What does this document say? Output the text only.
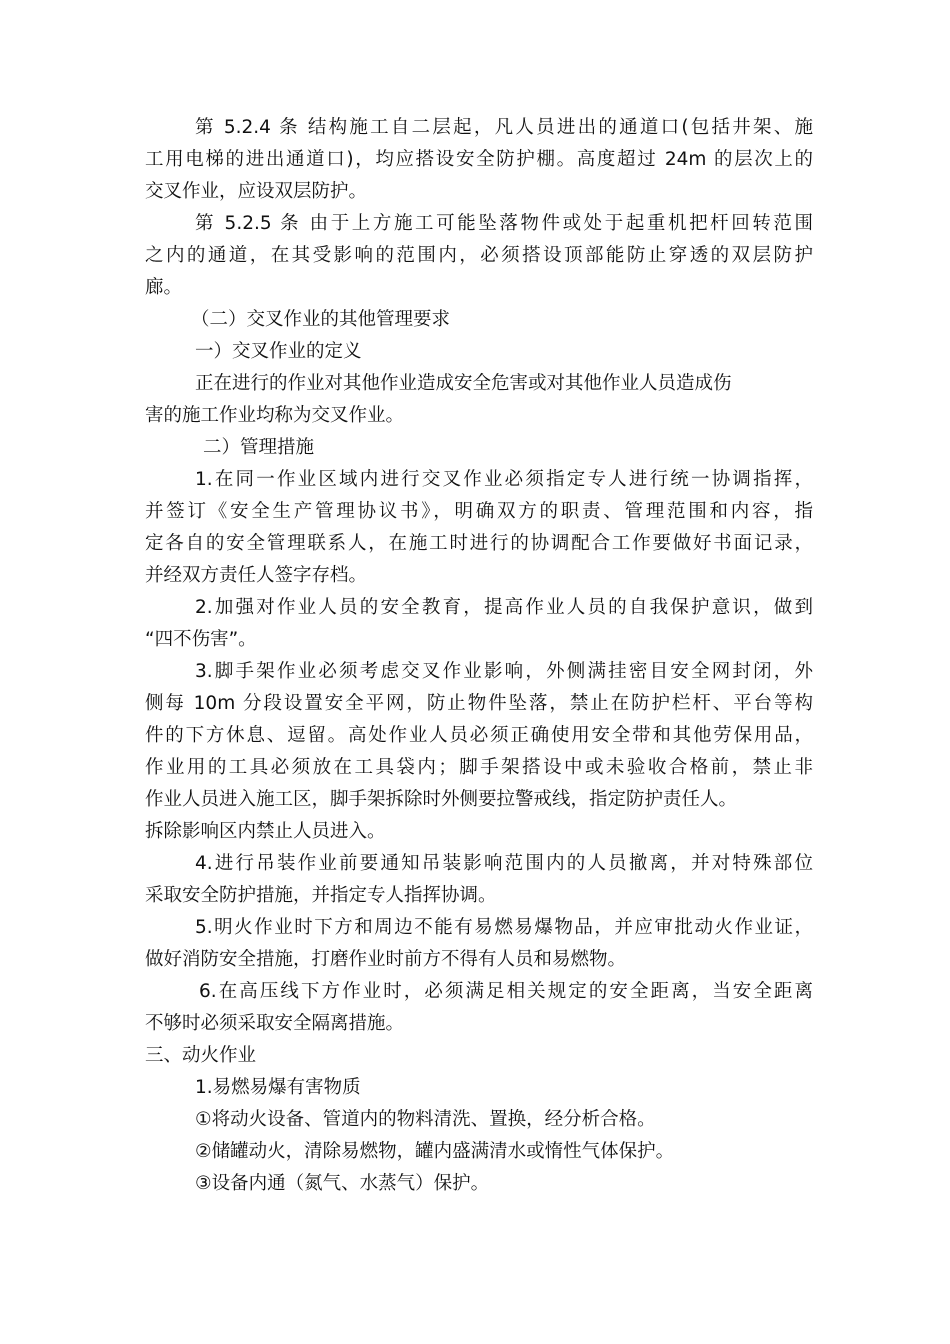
第 5.2.4 条 结构施工自二层起，凡人员进出的通道口(包括井架、施
工用电梯的进出通道口)，均应搭设安全防护棚。高度超过 24m 的层次上的
交叉作业，应设双层防护。
第 5.2.5 条 由于上方施工可能坠落物件或处于起重机把杆回转范围
之内的通道，在其受影响的范围内，必须搭设顶部能防止穿透的双层防护
廊。
（二）交叉作业的其他管理要求
一）交叉作业的定义
正在进行的作业对其他作业造成安全危害或对其他作业人员造成伤
害的施工作业均称为交叉作业。
二）管理措施
1.在同一作业区域内进行交叉作业必须指定专人进行统一协调指挥，
并签订《安全生产管理协议书》，明确双方的职责、管理范围和内容，指
定各自的安全管理联系人，在施工时进行的协调配合工作要做好书面记录，
并经双方责任人签字存档。
2.加强对作业人员的安全教育，提高作业人员的自我保护意识，做到
“四不伤害”。
3.脚手架作业必须考虑交叉作业影响，外侧满挂密目安全网封闭，外
侧每 10m 分段设置安全平网，防止物件坠落，禁止在防护栏杆、平台等构
件的下方休息、逗留。高处作业人员必须正确使用安全带和其他劳保用品，
作业用的工具必须放在工具袋内；脚手架搭设中或未验收合格前，禁止非
作业人员进入施工区，脚手架拆除时外侧要拉警戒线，指定防护责任人。
拆除影响区内禁止人员进入。
4.进行吊装作业前要通知吊装影响范围内的人员撤离，并对特殊部位
采取安全防护措施，并指定专人指挥协调。
5.明火作业时下方和周边不能有易燃易爆物品，并应审批动火作业证，
做好消防安全措施，打磨作业时前方不得有人员和易燃物。
6.在高压线下方作业时，必须满足相关规定的安全距离，当安全距离
不够时必须采取安全隔离措施。
三、动火作业
1.易燃易爆有害物质
①将动火设备、管道内的物料清洗、置换，经分析合格。
②储罐动火，清除易燃物，罐内盛满清水或惰性气体保护。
③设备内通（氮气、水蒸气）保护。
